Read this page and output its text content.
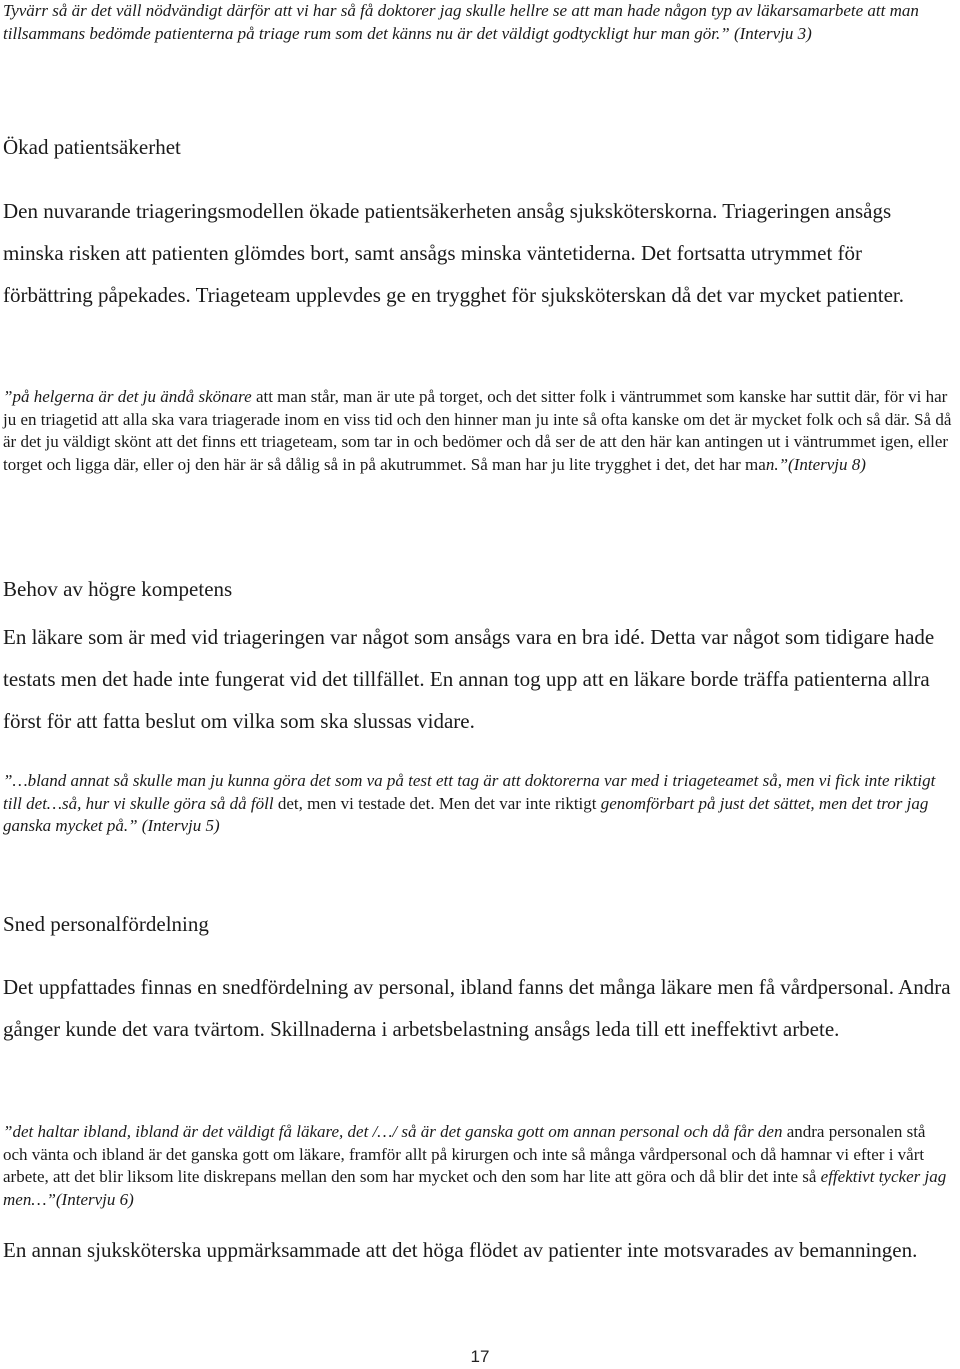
Tyvärr så är det väll nödvändigt därför att vi har så få doktorer jag skulle hellre se att man hade någon typ av läkarsamarbete att man tillsammans bedömde patienterna på triage rum som det känns nu är det väldigt godtyckligt hur man gör.” (Intervju 3)

Ökad patientsäkerhet

Den nuvarande triageringsmodellen ökade patientsäkerheten ansåg sjuksköterskorna. Triageringen ansågs minska risken att patienten glömdes bort, samt ansågs minska väntetiderna. Det fortsatta utrymmet för förbättring påpekades. Triageteam upplevdes ge en trygghet för sjuksköterskan då det var mycket patienter.

”på helgerna är det ju ändå skönare att man står, man är ute på torget, och det sitter folk i väntrummet som kanske har suttit där, för vi har ju en triagetid att alla ska vara triagerade inom en viss tid och den hinner man ju inte så ofta kanske om det är mycket folk och så där. Så då är det ju väldigt skönt att det finns ett triageteam, som tar in och bedömer och då ser de att den här kan antingen ut i väntrummet igen, eller torget och ligga där, eller oj den här är så dålig så in på akutrummet. Så man har ju lite trygghet i det, det har man.”(Intervju 8)

Behov av högre kompetens

En läkare som är med vid triageringen var något som ansågs vara en bra idé. Detta var något som tidigare hade testats men det hade inte fungerat vid det tillfället. En annan tog upp att en läkare borde träffa patienterna allra först för att fatta beslut om vilka som ska slussas vidare.

”…bland annat så skulle man ju kunna göra det som va på test ett tag är att doktorerna var med i triageteamet så, men vi fick inte riktigt till det…så, hur vi skulle göra så då föll det, men vi testade det. Men det var inte riktigt genomförbart på just det sättet, men det tror jag ganska mycket på.” (Intervju 5)

Sned personalfördelning

Det uppfattades finnas en snedfördelning av personal, ibland fanns det många läkare men få vårdpersonal. Andra gånger kunde det vara tvärtom. Skillnaderna i arbetsbelastning ansågs leda till ett ineffektivt arbete.

”det haltar ibland, ibland är det väldigt få läkare, det /…/ så är det ganska gott om annan personal och då får den andra personalen stå och vänta och ibland är det ganska gott om läkare, framför allt på kirurgen och inte så många vårdpersonal och då hamnar vi efter i vårt arbete, att det blir liksom lite diskrepans mellan den som har mycket och den som har lite att göra och då blir det inte så effektivt tycker jag men…”(Intervju 6)

En annan sjuksköterska uppmärksammade att det höga flödet av patienter inte motsvarades av bemanningen.

17
